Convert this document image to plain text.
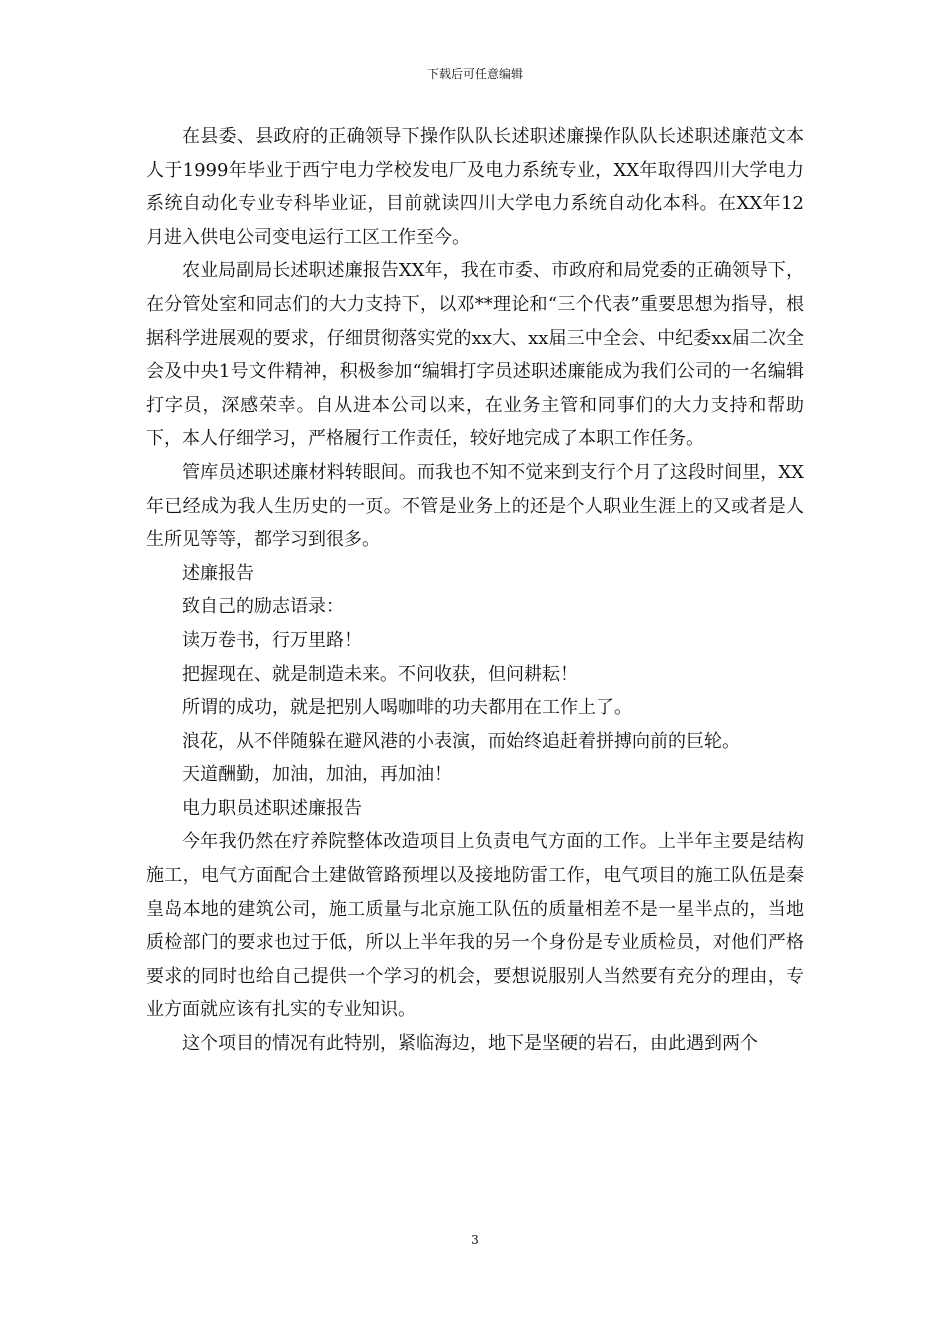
下载后可任意编辑

在县委、县政府的正确领导下操作队队长述职述廉操作队队长述职述廉范文本人于1999年毕业于西宁电力学校发电厂及电力系统专业，XX年取得四川大学电力系统自动化专业专科毕业证，目前就读四川大学电力系统自动化本科。在XX年12月进入供电公司变电运行工区工作至今。

农业局副局长述职述廉报告XX年，我在市委、市政府和局党委的正确领导下，在分管处室和同志们的大力支持下，以邓**理论和“三个代表”重要思想为指导，根据科学进展观的要求，仔细贯彻落实党的xx大、xx届三中全会、中纪委xx届二次全会及中央1号文件精神，积极参加“编辑打字员述职述廉能成为我们公司的一名编辑打字员，深感荣幸。自从进本公司以来，在业务主管和同事们的大力支持和帮助下，本人仔细学习，严格履行工作责任，较好地完成了本职工作任务。

管库员述职述廉材料转眼间。而我也不知不觉来到支行个月了这段时间里，XX年已经成为我人生历史的一页。不管是业务上的还是个人职业生涯上的又或者是人生所见等等，都学习到很多。

述廉报告

致自己的励志语录：

读万卷书，行万里路！

把握现在、就是制造未来。不问收获，但问耕耘！

所谓的成功，就是把别人喝咖啡的功夫都用在工作上了。

浪花，从不伴随躲在避风港的小表演，而始终追赶着拼搏向前的巨轮。

天道酬勤，加油，加油，再加油！

电力职员述职述廉报告

今年我仍然在疗养院整体改造项目上负责电气方面的工作。上半年主要是结构施工，电气方面配合土建做管路预埋以及接地防雷工作，电气项目的施工队伍是秦皇岛本地的建筑公司，施工质量与北京施工队伍的质量相差不是一星半点的，当地质检部门的要求也过于低，所以上半年我的另一个身份是专业质检员，对他们严格要求的同时也给自己提供一个学习的机会，要想说服别人当然要有充分的理由，专业方面就应该有扎实的专业知识。

这个项目的情况有此特别，紧临海边，地下是坚硬的岩石，由此遇到两个

3
